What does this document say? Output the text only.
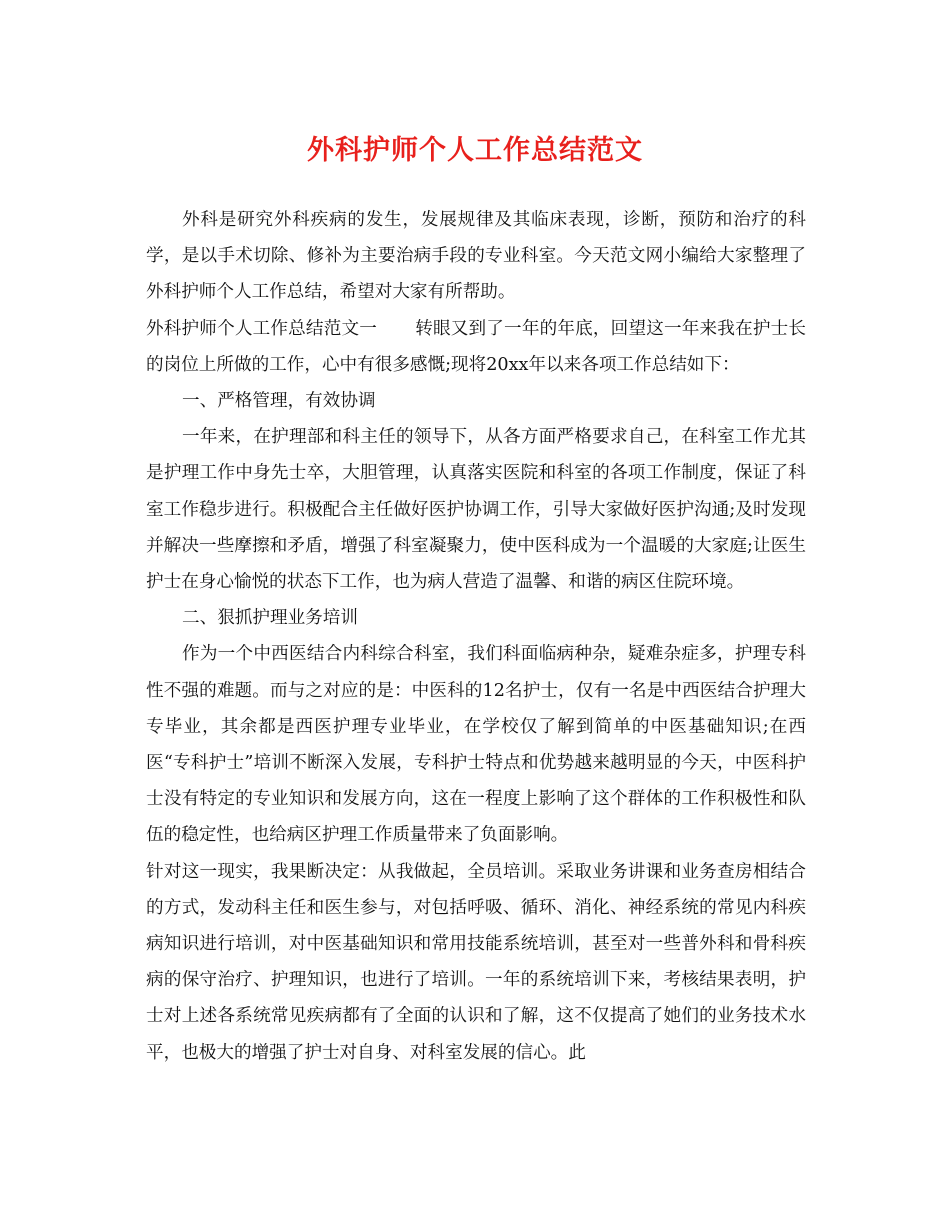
外科护师个人工作总结范文

外科是研究外科疾病的发生，发展规律及其临床表现，诊断，预防和治疗的科学，是以手术切除、修补为主要治病手段的专业科室。今天范文网小编给大家整理了外科护师个人工作总结，希望对大家有所帮助。

外科护师个人工作总结范文一 转眼又到了一年的年底，回望这一年来我在护士长的岗位上所做的工作，心中有很多感慨;现将20xx年以来各项工作总结如下：

一、严格管理，有效协调

一年来，在护理部和科主任的领导下，从各方面严格要求自己，在科室工作尤其是护理工作中身先士卒，大胆管理，认真落实医院和科室的各项工作制度，保证了科室工作稳步进行。积极配合主任做好医护协调工作，引导大家做好医护沟通;及时发现并解决一些摩擦和矛盾，增强了科室凝聚力，使中医科成为一个温暖的大家庭;让医生护士在身心愉悦的状态下工作，也为病人营造了温馨、和谐的病区住院环境。

二、狠抓护理业务培训

作为一个中西医结合内科综合科室，我们科面临病种杂，疑难杂症多，护理专科性不强的难题。而与之对应的是：中医科的12名护士，仅有一名是中西医结合护理大专毕业，其余都是西医护理专业毕业，在学校仅了解到简单的中医基础知识;在西医“专科护士”培训不断深入发展，专科护士特点和优势越来越明显的今天，中医科护士没有特定的专业知识和发展方向，这在一程度上影响了这个群体的工作积极性和队伍的稳定性，也给病区护理工作质量带来了负面影响。

针对这一现实，我果断决定：从我做起，全员培训。采取业务讲课和业务查房相结合的方式，发动科主任和医生参与，对包括呼吸、循环、消化、神经系统的常见内科疾病知识进行培训，对中医基础知识和常用技能系统培训，甚至对一些普外科和骨科疾病的保守治疗、护理知识，也进行了培训。一年的系统培训下来，考核结果表明，护士对上述各系统常见疾病都有了全面的认识和了解，这不仅提高了她们的业务技术水平，也极大的增强了护士对自身、对科室发展的信心。此
